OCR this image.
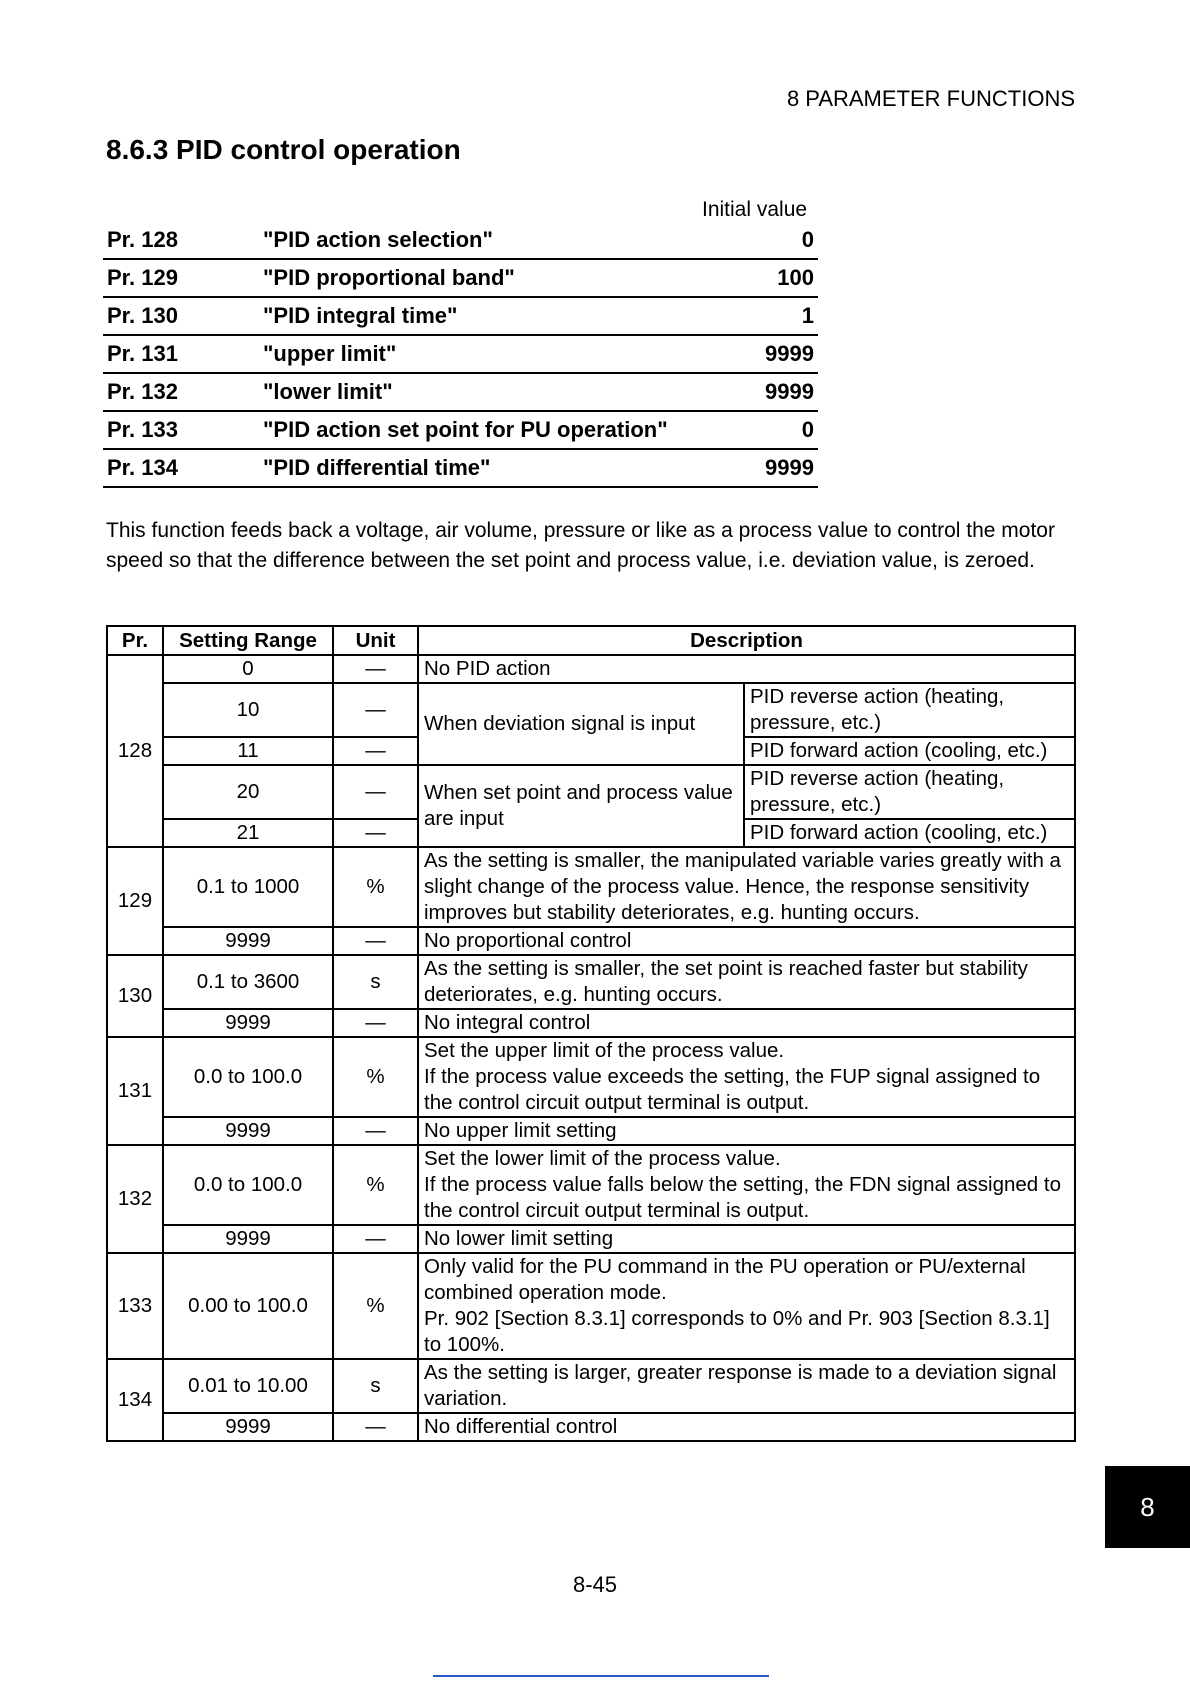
8 PARAMETER FUNCTIONS
8.6.3 PID control operation
Initial value
Pr. 128	"PID action selection"	0
Pr. 129	"PID proportional band"	100
Pr. 130	"PID integral time"	1
Pr. 131	"upper limit"	9999
Pr. 132	"lower limit"	9999
Pr. 133	"PID action set point for PU operation"	0
Pr. 134	"PID differential time"	9999

This function feeds back a voltage, air volume, pressure or like as a process value to control the motor speed so that the difference between the set point and process value, i.e. deviation value, is zeroed.

Pr.	Setting Range	Unit	Description	
128	0	—	No PID action	
	10	—	When deviation signal is input	PID reverse action (heating, pressure, etc.)
	11	—		PID forward action (cooling, etc.)
	20	—	When set point and process value are input	PID reverse action (heating, pressure, etc.)
	21	—		PID forward action (cooling, etc.)
129	0.1 to 1000	%	As the setting is smaller, the manipulated variable varies greatly with a slight change of the process value. Hence, the response sensitivity improves but stability deteriorates, e.g. hunting occurs.	
	9999	—	No proportional control	
130	0.1 to 3600	s	As the setting is smaller, the set point is reached faster but stability deteriorates, e.g. hunting occurs.	
	9999	—	No integral control	
131	0.0 to 100.0	%	Set the upper limit of the process value.
If the process value exceeds the setting, the FUP signal assigned to the control circuit output terminal is output.	

	9999	—	No upper limit setting	
132	0.0 to 100.0	%	Set the lower limit of the process value.
If the process value falls below the setting, the FDN signal assigned to the control circuit output terminal is output.	

	9999	—	No lower limit setting	
133	0.00 to 100.0	%	Only valid for the PU command in the PU operation or PU/external combined operation mode.
Pr. 902 [Section 8.3.1] corresponds to 0% and Pr. 903 [Section 8.3.1] to 100%.	

134	0.01 to 10.00	s	As the setting is larger, greater response is made to a deviation signal variation.	
	9999	—	No differential control	
8
8-45
